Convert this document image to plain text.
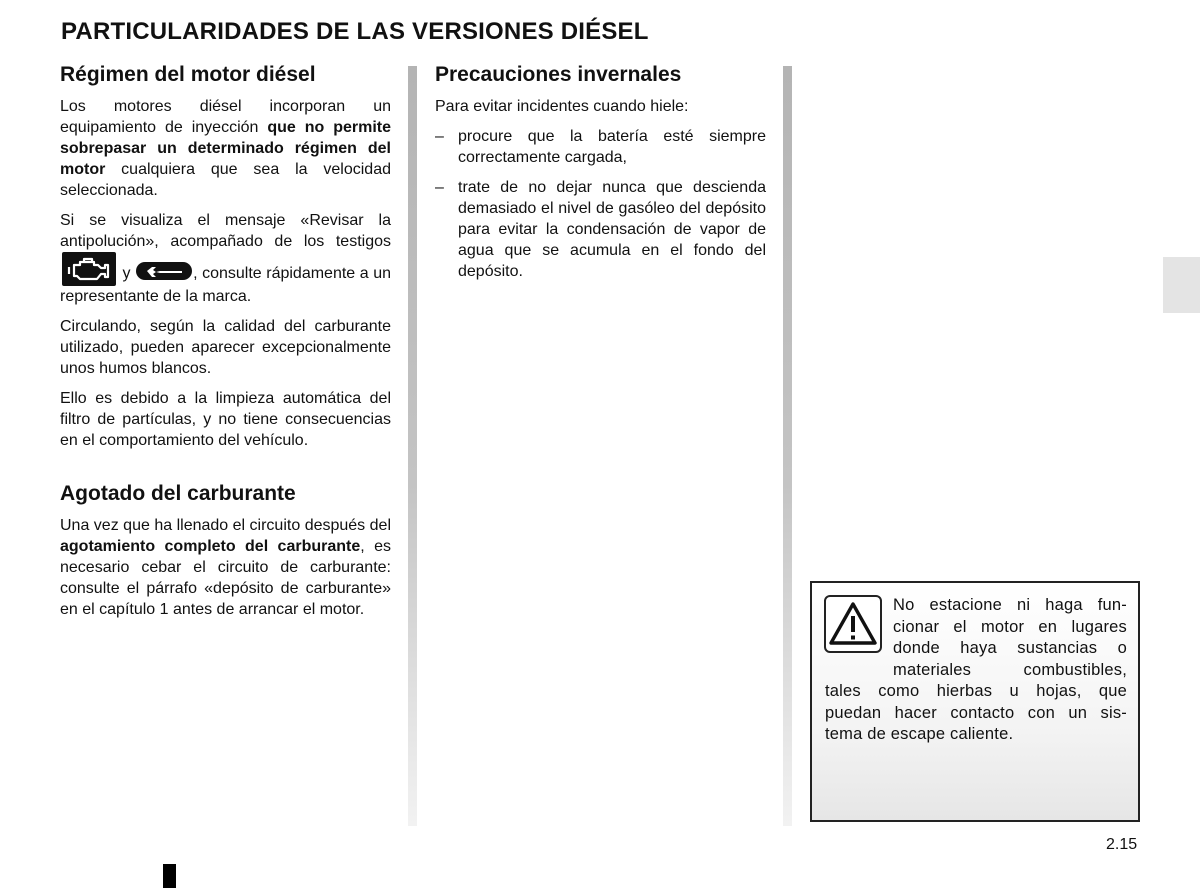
PARTICULARIDADES DE LAS VERSIONES DIÉSEL
Régimen del motor diésel

Los motores diésel incorporan un equipamiento de inyección que no permite sobrepasar un determinado régimen del motor cualquiera que sea la velocidad seleccionada.

Si se visualiza el mensaje «Revisar la antipolución», acompañado de los testigos
y	, consulte rápidamente a un representante de la marca.

Circulando, según la calidad del carburante utilizado, pueden aparecer excepcionalmente unos humos blancos.

Ello es debido a la limpieza automática del filtro de partículas, y no tiene consecuencias en el comportamiento del vehículo.

Agotado del carburante

Una vez que ha llenado el circuito después del agotamiento completo del carburante, es necesario cebar el circuito de carburante: consulte el párrafo «depósito de carburante» en el capítulo 1 antes de arrancar el motor.

Precauciones invernales

Para evitar incidentes cuando hiele:

– procure que la batería esté siempre correctamente cargada,
– trate de no dejar nunca que descienda demasiado el nivel de gasóleo del depósito para evitar la condensación de vapor de agua que se acumula en el fondo del depósito.
No estacione ni haga fun-
cionar el motor en lugares
donde haya sustancias o
materiales combustibles,
tales como hierbas u hojas, que
puedan hacer contacto con un sis-
tema de escape caliente.
2.15
